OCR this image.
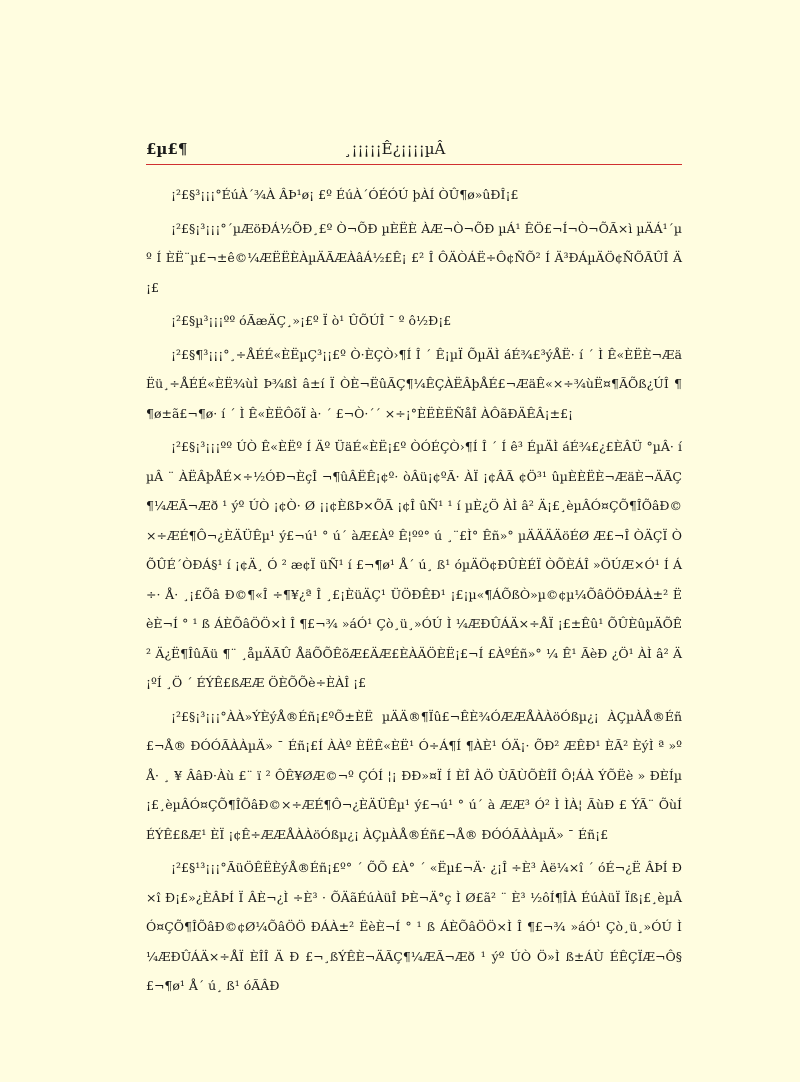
£µ£¶	¸¡¡¡¡¡Ê¿¡¡¡¡µÂ

¡²£§³¡¡¡°ÉúÀ´¾À ÂÞ¹ø¡ £º ÉúÀ´ÓÉÓÚ þÀÍ ÒÛ¶ø»ûÐÎ¡£

¡²£§¡³¡¡¡°´µÆöÐÁ½ÕÐ¸£º Ò¬ÕÐ µÈËÈ ÀÆ¬Ò¬ÕÐ µÁ¹ ÊÖ£¬Í¬Ò¬ÕÃ×ì µÄÁ¹´µº Í ÈË¨µ£¬±ê©¼ÆËËÈÀµÄÃÆÀâÁ½£Ê¡ £² Î ÔÄÒÁË÷Ô¢ÑÕ² Í Ä³ÐÁµÄÖ¢ÑÕÃÛÎ Ä¡£

¡²£§µ³¡¡¡ºº óÃæÄÇ¸»¡£º Ï ò¹ ÛÕÚÎ ¯ º ô½Ð¡£

¡²£§¶³¡¡¡°¸÷ÅÉÉ«ÈËµÇ³¡¡£º Ò·ÈÇÒ›¶Í Î ´ Ê¡µÏ ÕµÄÌ áÉ¾£³ýÅË· í ´ Ì Ê«ÈËÈ¬ÆäËü¸÷ÅÉÉ«ÈË¾ùÌ Þ¾ßÌ â±í Ï ÒÈ¬ËûÃÇ¶¼ÊÇÀËÂþÅÉ£¬ÆäÊ«×÷¾ùË¤¶ÃÕß¿ÚÎ ¶¶ø±ã£¬¶ø· í ´ Ì Ê«ÈËÔõÏ à· ´ £¬Ò·´´ ×÷¡°ÈËÈËÑåÎ ÀÔãÐÄÊÂ¡±£¡

¡²£§¡³¡¡¡ºº ÚÒ Ê«ÈËº Í Äº ÜäÉ«ÈË¡£º ÒÓÉÇÒ›¶Í Î ´ Í ê³ ÉµÄÌ áÉ¾£¿£ÈÂÜ °µÂ· í µÂ ¨ ÀËÂþÅÉ×÷½ÓÐ¬ÈçÎ ¬¶ûÂËÊ¡¢º· òÂü¡¢ºÃ· ÀÏ ¡¢ÂÃ ¢Ö³¹ ûµÈÈËÈ¬ÆäÈ¬ÄÃÇ¶¼ÆÃ¬Æð ¹ ýº ÚÒ ¡¢Ò· Ø ¡¡¢ÈßÞ×ÕÃ ¡¢Î ûÑ¹ ¹ í µÈ¿Ö ÀÌ â² Ä¡£¸èµÂÓ¤ÇÕ¶ÎÕâÐ©×÷ÆÉ¶Ô¬¿ÈÄÜÊµ¹ ý£¬ú¹ ° ú´ àÆ£Àº Ê¦ºº° ú ¸¨£Ì° Êñ»° µÄÄÄÄöÉØ Æ£¬Î ÒÄÇÏ ÒÕÛÉ´ÒÐÁ§¹ í ¡¢Ä¸ Ó ² æ¢Ï üÑ¹ í £¬¶ø¹ Å´ ú¸ ß¹ óµÄÖ¢ÐÛÈÉÏ ÒÕÈÁÎ »ÖÚÆ×Ó¹ Í Á÷· Å· ¸¡£Õâ Ð©¶«Î ÷¶¥¿ª Î ¸£¡ÈüÄÇ¹ ÜÖÐÊÐ¹ ¡£¡µ«¶ÁÕßÒ»µ©¢µ¼ÕâÖÖÐÁÀ±² ËèÈ¬Í ° ¹ ß ÁÈÕâÖÖ×Ì Î ¶£¬¾ »áÓ¹ Çò¸ü¸»ÓÚ Ì ¼ÆÐÛÁÄ×÷ÅÏ ¡£±Êû¹ ÕÛÈûµÄÕÊ² Ä¿Ë¶ÎûÃü ¶¨ ¸åµÄÃÛ ÅäÕÕÊõÆ£ÄÆ£ÈÀÄÖÈË¡£¬Í £ÀºÉñ»° ¼ Ê¹ ÃèÐ ¿Ö¹ ÀÌ â² Ä¡ºÍ ¸Ö ´ ÉÝÊ£ßÆÆ ÖÈÕÕè÷ÈÀÎ ¡£

¡²£§¡³¡¡¡°ÀÀ»ÝÈýÅ®Éñ¡£ºÕ±ÈË µÄÄ®¶Ïû£¬ÊÈ¾ÓÆÆÅÀÀöÓßµ¿¡ ÀÇµÀÅ®Éñ£¬Å® ÐÓÓÃÀÀµÄ» ¯ Éñ¡£Í ÀÀº ÈËÊ«ÈË¹ Ó÷Á¶Í ¶ÀÈ¹ ÓÄ¡· ÕÐ² ÆÊÐ¹ ÈÃ² ÈýÌ ª »º Å· ¸ ¥ ÂâÐ·Àù £¨ ï ² ÔÊ¥ØÆ©¬º ÇÓÍ ¦¡ ÐÐ»¤Ï Í ÈÎ ÀÖ ÙÃÙÕÈÎÎ Ô¦ÁÀ ÝÕËè » ÐÈÍµ¡£¸èµÂÓ¤ÇÕ¶ÎÕâÐ©×÷ÆÉ¶Ô¬¿ÈÄÜÊµ¹ ý£¬ú¹ ° ú´ à ÆÆ³ Ó² Ì ÌÀ¦ ÃùÐ £ ÝÃ¨ ÕùÍ ÉÝÊ£ßÆ¹ ÈÏ ¡¢Ê÷ÆÆÅÀÀöÓßµ¿¡ ÀÇµÀÅ®Éñ£¬Å® ÐÓÓÃÀÀµÄ» ¯ Éñ¡£

¡²£§¹³¡¡¡°ÃüÖÊËÈýÅ®Éñ¡£º° ´ ÕÕ £À° ´ «Ëµ£¬Ä· ¿¡Î ÷È³ Àë¼×î ´ óÉ¬¿Ë ÂÞÍ Ð×î Ð¡£»¿ÈÂÞÍ Ï ÂÈ¬¿Ì ÷È³ · ÕÄãÉúÀüÎ ÞÈ¬Ä°ç Ì Ø£ã² ¨ È³ ½ôÍ¶ÎÀ ÉúÀüÏ Ïß¡£¸èµÂÓ¤ÇÕ¶ÎÕâÐ©¢Ø¼ÕâÖÖ ÐÁÀ±² ËèÈ¬Í ° ¹ ß ÁÈÕâÖÖ×Ì Î ¶£¬¾ »áÓ¹ Çò¸ü¸»ÓÚ Ì ¼ÆÐÛÁÄ×÷ÅÏ ÈÎÎ Ä Ð £¬¸ßÝÊÈ¬ÄÃÇ¶¼ÆÃ¬Æð ¹ ýº ÚÒ Ö»Ì ß±ÁÙ ÉÊÇÏÆ¬Ô§£¬¶ø¹ Å´ ú¸ ß¹ óÃÂÐ
